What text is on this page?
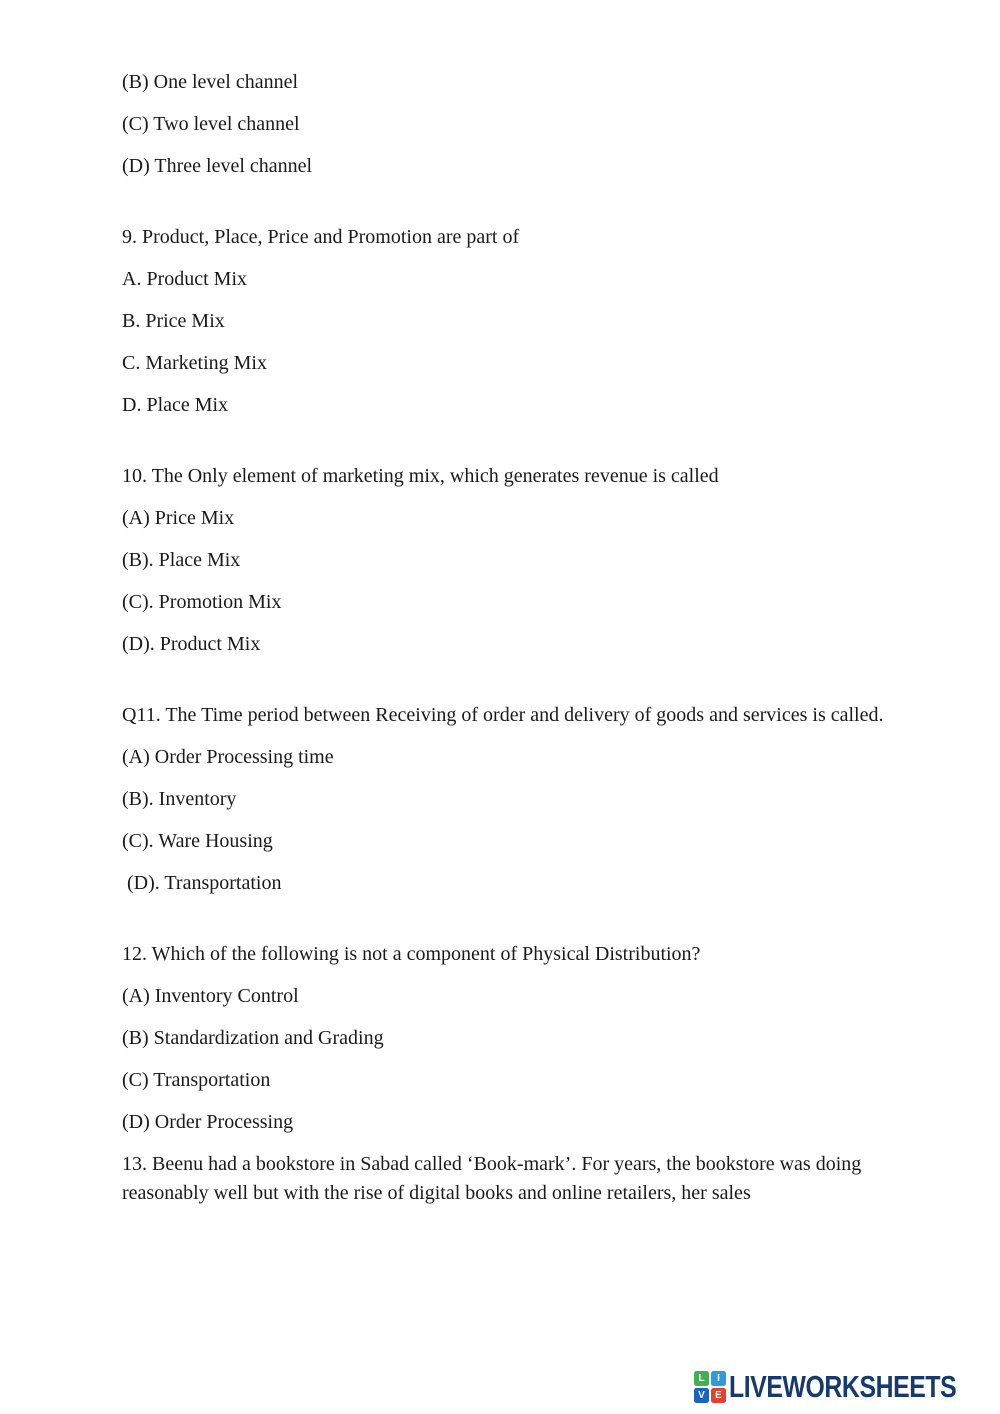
(B) One level channel

(C) Two level channel

(D) Three level channel

9. Product, Place, Price and Promotion are part of

A. Product Mix

B. Price Mix

C. Marketing Mix

D. Place Mix

10. The Only element of marketing mix, which generates revenue is called

(A) Price Mix

(B). Place Mix

(C). Promotion Mix

(D). Product Mix

Q11. The Time period between Receiving of order and delivery of goods and services is called.

(A) Order Processing time

(B). Inventory

(C). Ware Housing

(D). Transportation

12. Which of the following is not a component of Physical Distribution?

(A) Inventory Control

(B) Standardization and Grading

(C) Transportation

(D) Order Processing

13. Beenu had a bookstore in Sabad called ‘Book-mark’. For years, the bookstore was doing reasonably well but with the rise of digital books and online retailers, her sales

L	I
V	E LIVEWORKSHEETS
